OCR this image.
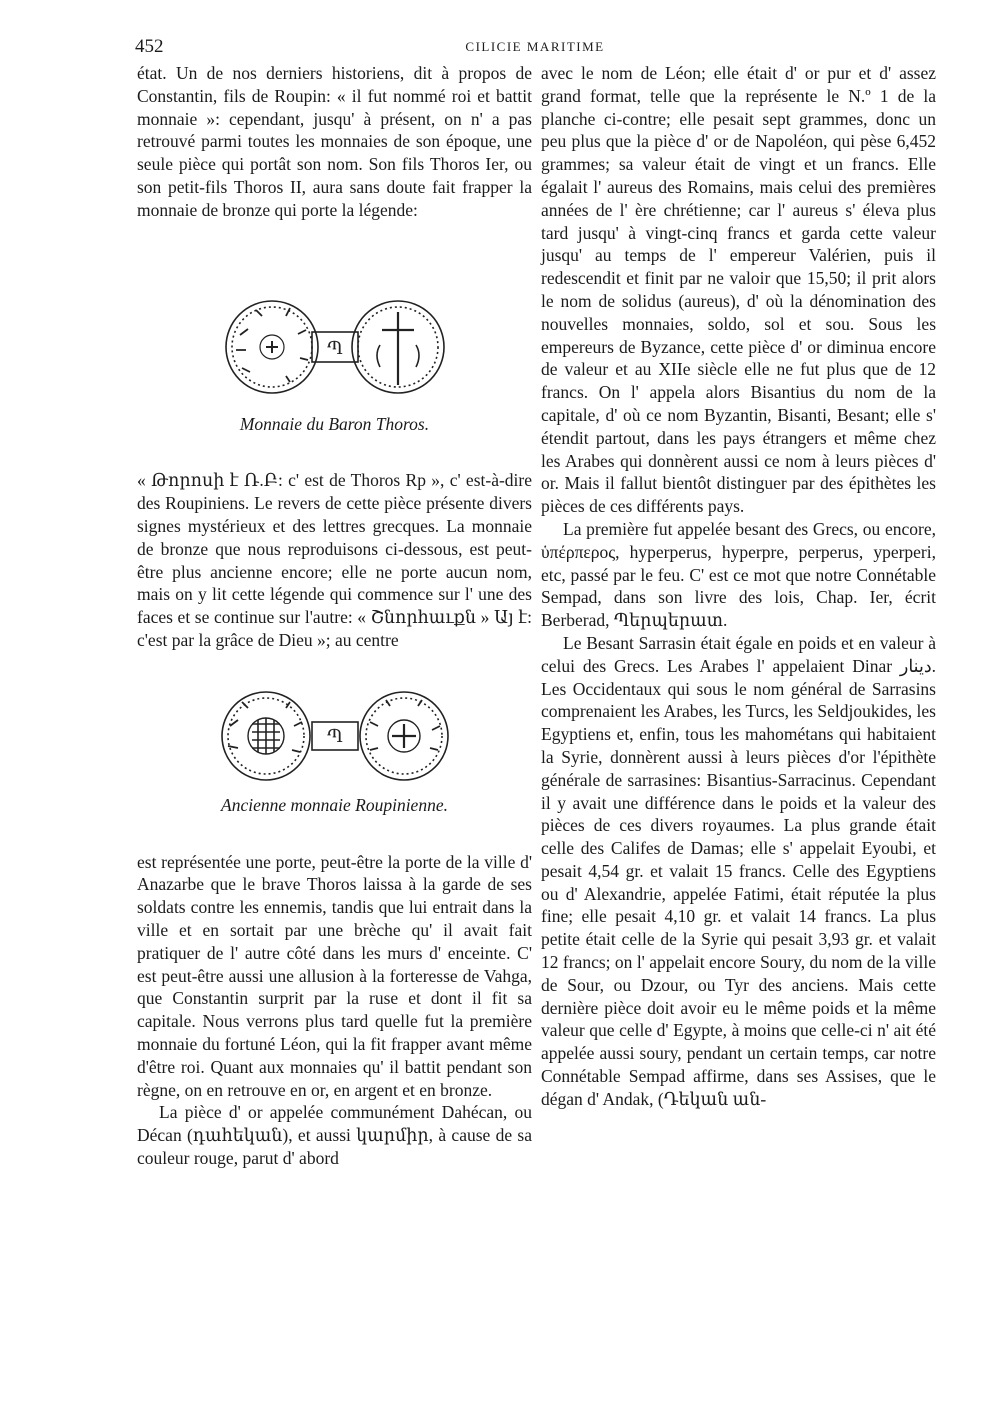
452	CILICIE MARITIME

état. Un de nos derniers historiens, dit à propos de Constantin, fils de Roupin: « il fut nommé roi et battit monnaie »: cependant, jusqu' à présent, on n' a pas retrouvé parmi toutes les monnaies de son époque, une seule pièce qui portât son nom. Son fils Thoros Ier, ou son petit-fils Thoros II, aura sans doute fait frapper la monnaie de bronze qui porte la légende:

Պ
Monnaie du Baron Thoros.

« Թորոսի է Ռ.Բ: c' est de Thoros Rp », c' est-à-dire des Roupiniens. Le revers de cette pièce présente divers signes mystérieux et des lettres grecques. La monnaie de bronze que nous reproduisons ci-dessous, est peut-être plus ancienne encore; elle ne porte aucun nom, mais on y lit cette légende qui commence sur l' une des faces et se continue sur l'autre: « Շնորհաւքն » Այ է: c'est par la grâce de Dieu »; au centre

Պ
Ancienne monnaie Roupinienne.

est représentée une porte, peut-être la porte de la ville d' Anazarbe que le brave Thoros laissa à la garde de ses soldats contre les ennemis, tandis que lui entrait dans la ville et en sortait par une brèche qu' il avait fait pratiquer de l' autre côté dans les murs d' enceinte. C' est peut-être aussi une allusion à la forteresse de Vahga, que Constantin surprit par la ruse et dont il fit sa capitale. Nous verrons plus tard quelle fut la première monnaie du fortuné Léon, qui la fit frapper avant même d'être roi. Quant aux monnaies qu' il battit pendant son règne, on en retrouve en or, en argent et en bronze.

La pièce d' or appelée communément Dahécan, ou Décan (դահեկան), et aussi կարմիր, à cause de sa couleur rouge, parut d' abord

avec le nom de Léon; elle était d' or pur et d' assez grand format, telle que la représente le N.º 1 de la planche ci-contre; elle pesait sept grammes, donc un peu plus que la pièce d' or de Napoléon, qui pèse 6,452 grammes; sa valeur était de vingt et un francs. Elle égalait l' aureus des Romains, mais celui des premières années de l' ère chrétienne; car l' aureus s' éleva plus tard jusqu' à vingt-cinq francs et garda cette valeur jusqu' au temps de l' empereur Valérien, puis il redescendit et finit par ne valoir que 15,50; il prit alors le nom de solidus (aureus), d' où la dénomination des nouvelles monnaies, soldo, sol et sou. Sous les empereurs de Byzance, cette pièce d' or diminua encore de valeur et au XIIe siècle elle ne fut plus que de 12 francs. On l' appela alors Bisantius du nom de la capitale, d' où ce nom Byzantin, Bisanti, Besant; elle s' étendit partout, dans les pays étrangers et même chez les Arabes qui donnèrent aussi ce nom à leurs pièces d' or. Mais il fallut bientôt distinguer par des épithètes les pièces de ces différents pays.

La première fut appelée besant des Grecs, ou encore, ὑπέρπερος, hyperperus, hyperpre, perperus, yperperi, etc, passé par le feu. C' est ce mot que notre Connétable Sempad, dans son livre des lois, Chap. Ier, écrit Berberad, Պերպերատ.

Le Besant Sarrasin était égale en poids et en valeur à celui des Grecs. Les Arabes l' appelaient Dinar دينار. Les Occidentaux qui sous le nom général de Sarrasins comprenaient les Arabes, les Turcs, les Seldjoukides, les Egyptiens et, enfin, tous les mahométans qui habitaient la Syrie, donnèrent aussi à leurs pièces d'or l'épithète générale de sarrasines: Bisantius-Sarracinus. Cependant il y avait une différence dans le poids et la valeur des pièces de ces divers royaumes. La plus grande était celle des Califes de Damas; elle s' appelait Eyoubi, et pesait 4,54 gr. et valait 15 francs. Celle des Egyptiens ou d' Alexandrie, appelée Fatimi, était réputée la plus fine; elle pesait 4,10 gr. et valait 14 francs. La plus petite était celle de la Syrie qui pesait 3,93 gr. et valait 12 francs; on l' appelait encore Soury, du nom de la ville de Sour, ou Dzour, ou Tyr des anciens. Mais cette dernière pièce doit avoir eu le même poids et la même valeur que celle d' Egypte, à moins que celle-ci n' ait été appelée aussi soury, pendant un certain temps, car notre Connétable Sempad affirme, dans ses Assises, que le dégan d' Andak, (Դեկան ան-
